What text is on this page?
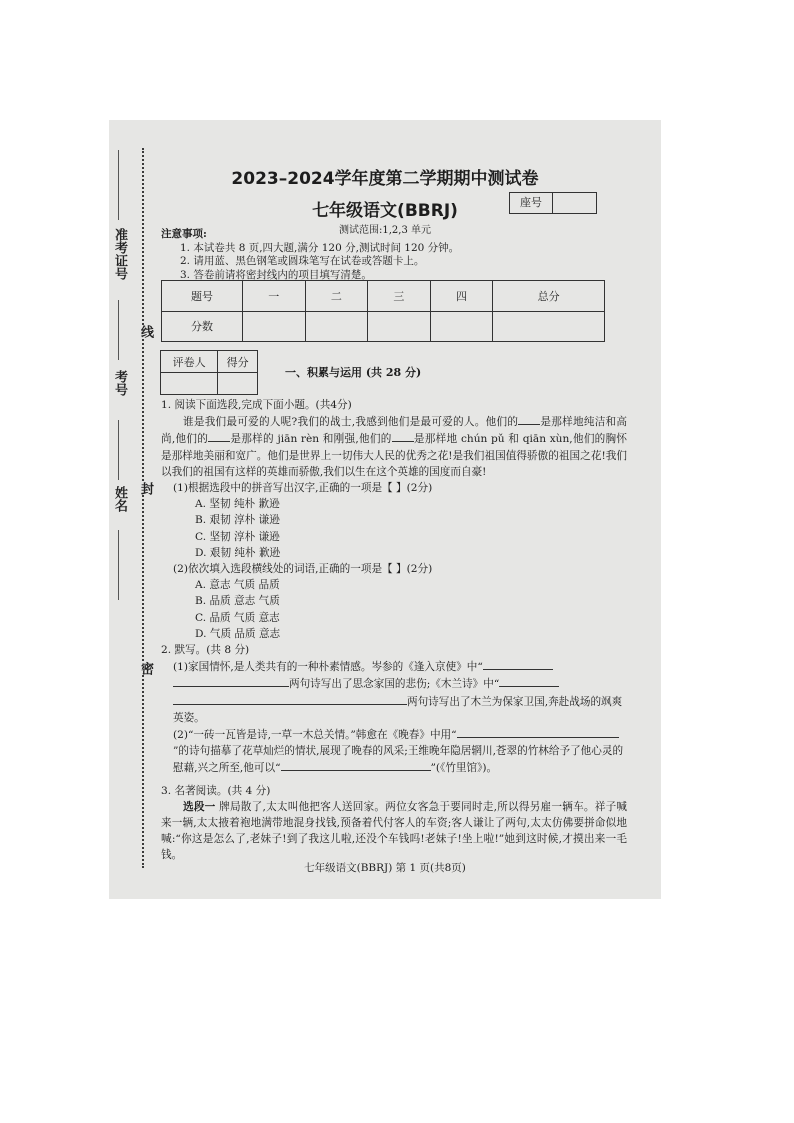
准考证号
考号
姓名
线
封
密
2023–2024学年度第二学期期中测试卷
七年级语文(BBRJ)	座号
测试范围:1,2,3 单元
注意事项:
1. 本试卷共 8 页,四大题,满分 120 分,测试时间 120 分钟。
2. 请用蓝、黑色钢笔或圆珠笔写在试卷或答题卡上。
3. 答卷前请将密封线内的项目填写清楚。
题号	一	二	三	四	总分
分数					
评卷人	得分

一、积累与运用 (共 28 分)

1. 阅读下面选段,完成下面小题。(共4分)

谁是我们最可爱的人呢?我们的战士,我感到他们是最可爱的人。他们的 是那样地纯洁和高尚,他们的 是那样的 jiān rèn 和刚强,他们的 是那样地 chún pǔ 和 qiān xùn,他们的胸怀是那样地美丽和宽广。他们是世界上一切伟大人民的优秀之花!是我们祖国值得骄傲的祖国之花!我们以我们的祖国有这样的英雄而骄傲,我们以生在这个英雄的国度而自豪!

(1)根据选段中的拼音写出汉字,正确的一项是【 】(2分)

A. 坚韧 纯朴 歉逊
B. 艰韧 淳朴 谦逊
C. 坚韧 淳朴 谦逊
D. 艰韧 纯朴 歉逊

(2)依次填入选段横线处的词语,正确的一项是【 】(2分)

A. 意志 气质 品质
B. 品质 意志 气质
C. 品质 气质 意志
D. 气质 品质 意志

2. 默写。(共 8 分)

(1)家国情怀,是人类共有的一种朴素情感。岑参的《逢入京使》中“两句诗写出了思念家国的悲伤;《木兰诗》中“两句诗写出了木兰为保家卫国,奔赴战场的飒爽英姿。

(2)“一砖一瓦皆是诗,一草一木总关情。”韩愈在《晚春》中用“”的诗句描摹了花草灿烂的情状,展现了晚春的风采;王维晚年隐居辋川,苍翠的竹林给予了他心灵的慰藉,兴之所至,他可以“	”(《竹里馆》)。

3. 名著阅读。(共 4 分)

选段一 牌局散了,太太叫他把客人送回家。两位女客急于要同时走,所以得另雇一辆车。祥子喊来一辆,太太掖着袍地满带地混身找钱,预备着代付客人的车资;客人谦让了两句,太太仿佛要拼命似地喊:“你这是怎么了,老妹子!到了我这儿啦,还没个车钱吗!老妹子!坐上啦!”她到这时候,才摸出来一毛钱。

七年级语文(BBRJ) 第 1 页(共8页)
